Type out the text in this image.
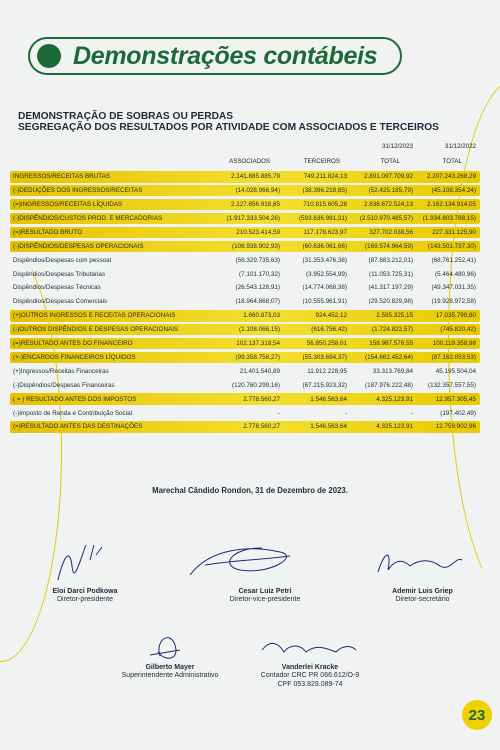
Demonstrações contábeis
DEMONSTRAÇÃO DE SOBRAS OU PERDAS
SEGREGAÇÃO DOS RESULTADOS POR ATIVIDADE COM ASSOCIADOS E TERCEIROS
31/12/2023	31/12/2022
ASSOCIADOS	TERCEIROS	TOTAL	TOTAL
INGRESSOS/RECEITAS BRUTAS	2.141.885.885,79	749.211.824,13	2.891.097.709,92 2.207.243.268,29
(-)DEDUÇÕES DOS INGRESSOS/RECEITAS	(14.028.966,94)	(38.396.218,85)	(52.425.185,79)	(45.108.354,24)
(=)INGRESSOS/RECEITAS LÍQUIDAS	2.127.856.918,85	710.815.605,28	2.838.672.524,13 2.162.134.914,05
(-)DISPÊNDIOS/CUSTOS PROD. E MERCADORIAS	(1.917.333.504,26)	(593.636.981,31) (2.510.970.485,57) (1.934.803.788,15)
(=)RESULTADO BRUTO	210.523.414,59	117.178.623,97	327.702.038,56	227.331.125,90
(-)DISPÊNDIOS/DESPESAS OPERACIONAIS	(108.938.902,93)	(60.636.061,66)	(169.574.964,59) (143.501.737,30)
Dispêndios/Despesas com pessoal	(56.329.735,63)	(31.353.476,38)	(87.683.212,01)	(68.761.252,41)
Dispêndios/Despesas Tributárias	(7.101.170,32)	(3.952.554,99)	(11.053.725,31)	(5.464.480,96)
Dispêndios/Despesas Técnicas	(26.543.128,91)	(14.774.068,38)	(41.317.197,29)	(49.347.031,35)
Dispêndios/Despesas Comerciais	(18.964.868,07)	(10.555.961,91)	(29.520.829,98)	(19.928.972,58)
(+)OUTROS INGRESSOS E RECEITAS OPERACIONAIS	1.660.873,03	924.452,12	2.585.325,15	17.035.790,80
(-)OUTROS DISPÊNDIOS E DESPESAS OPERACIONAIS	(1.108.066,15)	(616.756,42)	(1.724.822,57)	(745.820,42)
(=)RESULTADO ANTES DO FINANCEIRO	102.137.318,54	56.850.258,01	158.987.576,55	100.119.358,98
(+-)ENCARGOS FINANCEIROS LÍQUIDOS	(99.358.758,27)	(55.303.694,37)	(154.662.452,64)	(87.162.053,53)
(+)Ingressos/Receitas Financeiras	21.401.540,89	11.912.228,95	33.313.769,84	45.195.504,04
(-)Dispêndios/Despesas Financeiras	(120.760.299,16)	(67.215.923,32)	(187.976.222,48) (132.357.557,55)
( = ) RESULTADO ANTES DOS IMPOSTOS	2.778.560,27	1.546.563,64	4.325.123,91	12.957.305,45
(-)Imposto de Renda e Contribuição Social	-	-	-	(197.402,49)
(=)RESULTADO ANTES DAS DESTINAÇÕES	2.778.560,27	1.546.563,64	4.325.123,91	12.759.902,96
Marechal Cândido Rondon, 31 de Dezembro de 2023.
Eloi Darci Podkowa
Diretor-presidente
Cesar Luiz Petri
Diretor-vice-presidente
Ademir Luis Griep
Diretor-secretário
Gilberto Mayer
Superintendente Administrativo
Vanderlei Kracke
Contador CRC PR 066.612/O-9
CPF 053.829.089-74
23
